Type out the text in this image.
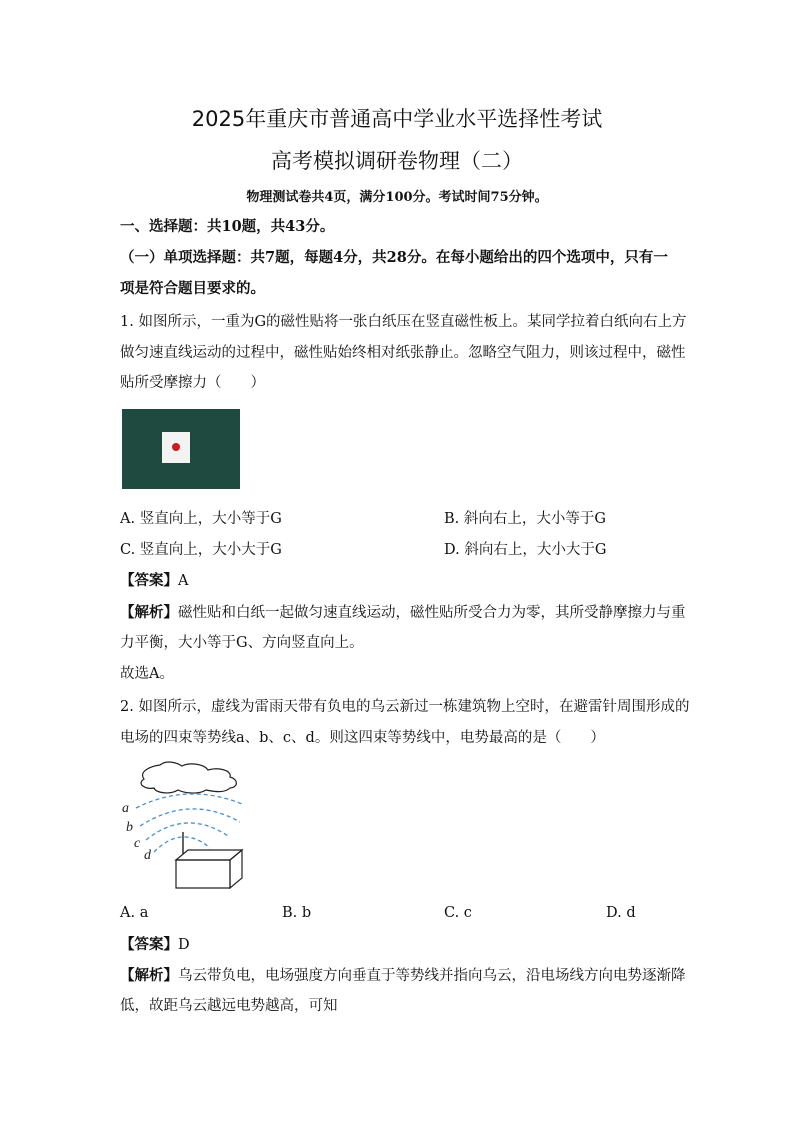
2025年重庆市普通高中学业水平选择性考试
高考模拟调研卷物理（二）
物理测试卷共4页，满分100分。考试时间75分钟。
一、选择题：共10题，共43分。
（一）单项选择题：共7题，每题4分，共28分。在每小题给出的四个选项中，只有一
项是符合题目要求的。
1. 如图所示，一重为G的磁性贴将一张白纸压在竖直磁性板上。某同学拉着白纸向右上方
做匀速直线运动的过程中，磁性贴始终相对纸张静止。忽略空气阻力，则该过程中，磁性
贴所受摩擦力（　　）
A. 竖直向上，大小等于G	B. 斜向右上，大小等于G
C. 竖直向上，大小大于G	D. 斜向右上，大小大于G
【答案】A
【解析】磁性贴和白纸一起做匀速直线运动，磁性贴所受合力为零，其所受静摩擦力与重
力平衡，大小等于G、方向竖直向上。
故选A。
2. 如图所示，虚线为雷雨天带有负电的乌云新过一栋建筑物上空时，在避雷针周围形成的
电场的四束等势线a、b、c、d。则这四束等势线中，电势最高的是（　　）
a
b
c
d
A. a	B. b	C. c	D. d
【答案】D
【解析】乌云带负电，电场强度方向垂直于等势线并指向乌云，沿电场线方向电势逐渐降
低，故距乌云越远电势越高，可知
